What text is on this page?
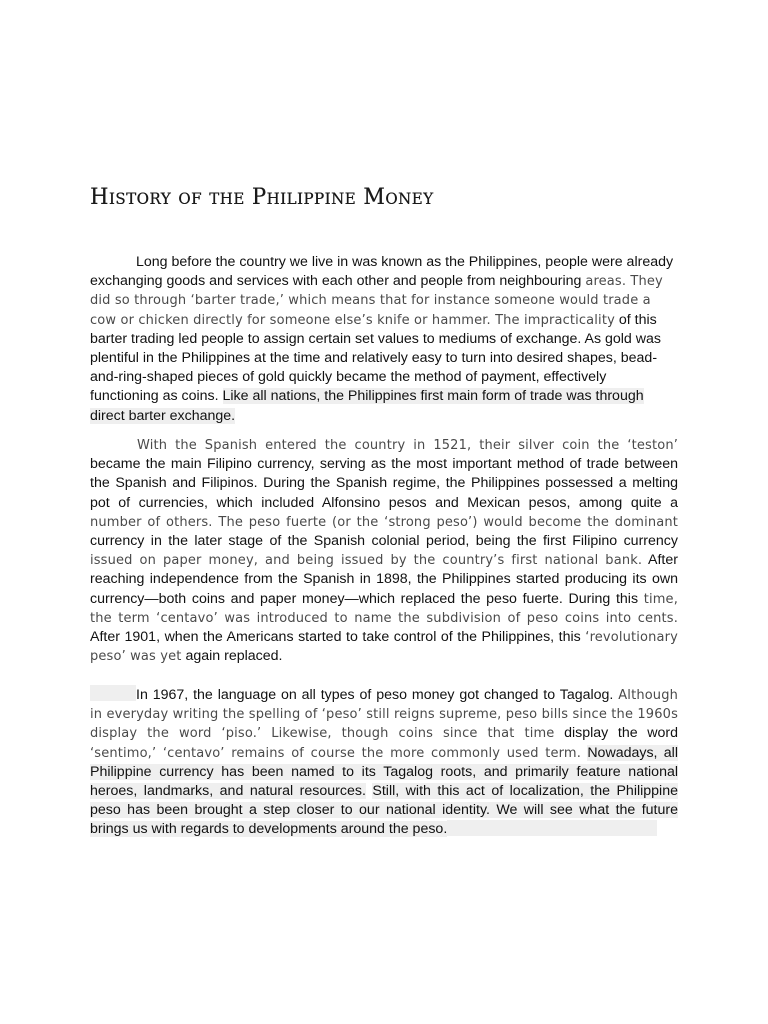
History of the Philippine Money

Long before the country we live in was known as the Philippines, people were already exchanging goods and services with each other and people from neighbouring areas. They did so through ‘barter trade,’ which means that for instance someone would trade a cow or chicken directly for someone else’s knife or hammer. The impracticality of this barter trading led people to assign certain set values to mediums of exchange. As gold was plentiful in the Philippines at the time and relatively easy to turn into desired shapes, bead-and-ring-shaped pieces of gold quickly became the method of payment, effectively functioning as coins. Like all nations, the Philippines first main form of trade was through direct barter exchange.

With the Spanish entered the country in 1521, their silver coin the ‘teston’ became the main Filipino currency, serving as the most important method of trade between the Spanish and Filipinos. During the Spanish regime, the Philippines possessed a melting pot of currencies, which included Alfonsino pesos and Mexican pesos, among quite a number of others. The peso fuerte (or the ‘strong peso’) would become the dominant currency in the later stage of the Spanish colonial period, being the first Filipino currency issued on paper money, and being issued by the country’s first national bank. After reaching independence from the Spanish in 1898, the Philippines started producing its own currency—both coins and paper money—which replaced the peso fuerte. During this time, the term ‘centavo’ was introduced to name the subdivision of peso coins into cents. After 1901, when the Americans started to take control of the Philippines, this ‘revolutionary peso’ was yet again replaced.

In 1967, the language on all types of peso money got changed to Tagalog. Although in everyday writing the spelling of ‘peso’ still reigns supreme, peso bills since the 1960s display the word ‘piso.’ Likewise, though coins since that time display the word ‘sentimo,’ ‘centavo’ remains of course the more commonly used term. Nowadays, all Philippine currency has been named to its Tagalog roots, and primarily feature national heroes, landmarks, and natural resources. Still, with this act of localization, the Philippine peso has been brought a step closer to our national identity. We will see what the future brings us with regards to developments around the peso.
